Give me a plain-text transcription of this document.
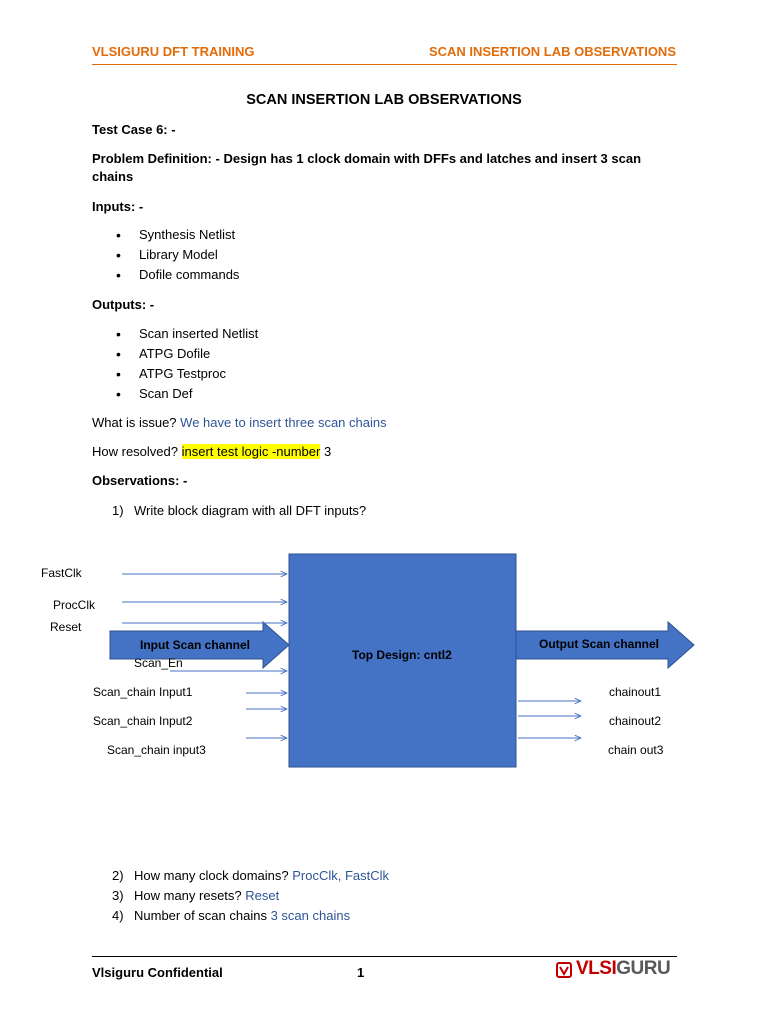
VLSIGURU DFT TRAINING	SCAN INSERTION LAB OBSERVATIONS
SCAN INSERTION LAB OBSERVATIONS
Test Case 6: -
Problem Definition: - Design has 1 clock domain with DFFs and latches and insert 3 scan
chains
Inputs: -
• Synthesis Netlist
• Library Model
• Dofile commands
Outputs: -
• Scan inserted Netlist
• ATPG Dofile
• ATPG Testproc
• Scan Def
What is issue? We have to insert three scan chains
How resolved? insert test logic -number 3
Observations: -
1) Write block diagram with all DFT inputs?
FastClk
ProcClk
Reset
Input Scan channel
Scan_En
Top Design: cntl2
Output Scan channel
Scan_chain Input1
Scan_chain Input2
Scan_chain input3
chainout1
chainout2
chain out3
2) How many clock domains? ProcClk, FastClk
3) How many resets? Reset
4) Number of scan chains 3 scan chains
Vlsiguru Confidential	1	VLSIGURU
